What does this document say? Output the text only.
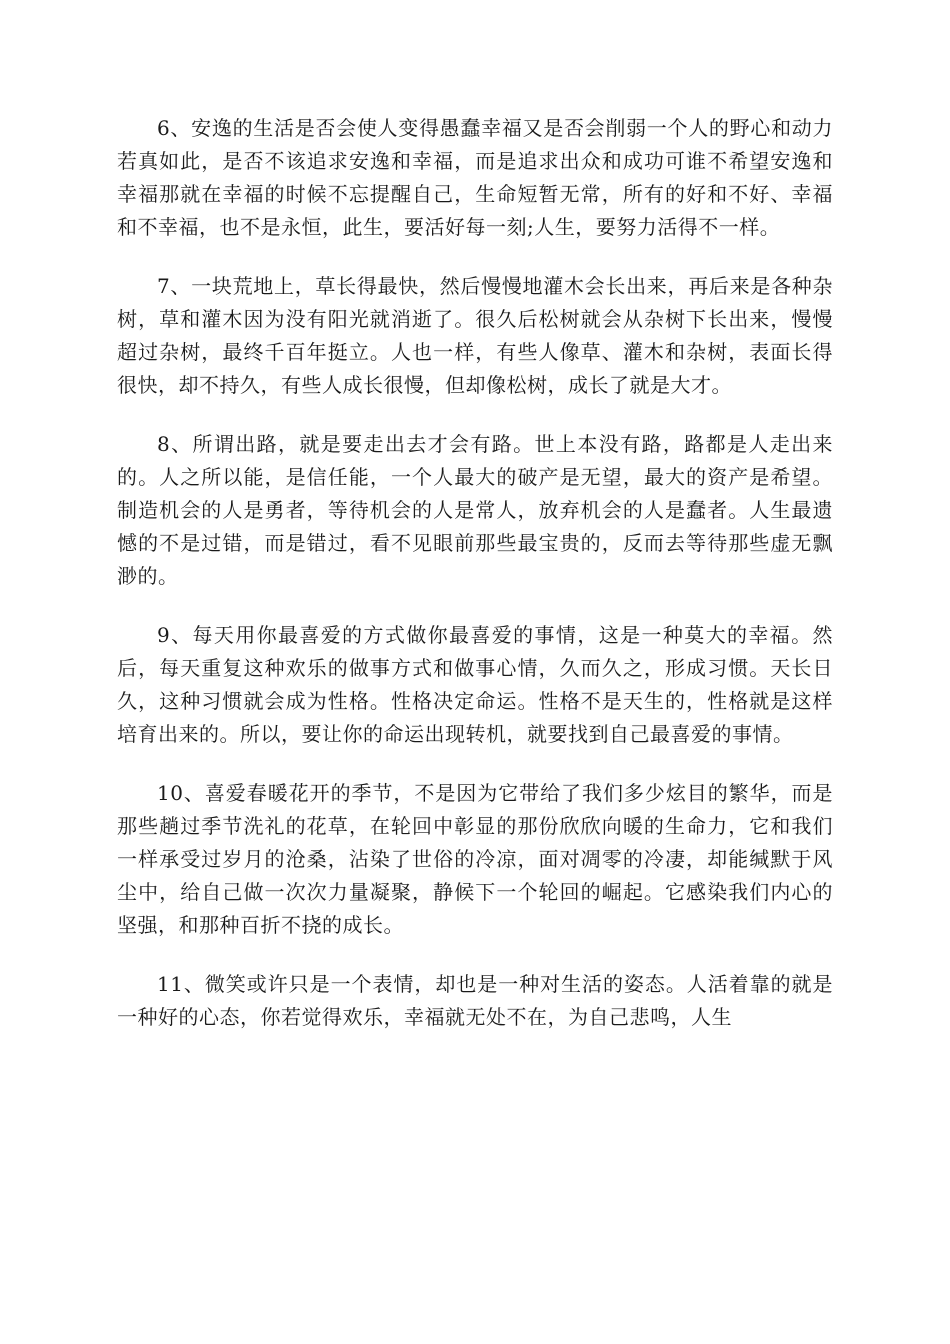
6、安逸的生活是否会使人变得愚蠢幸福又是否会削弱一个人的野心和动力若真如此，是否不该追求安逸和幸福，而是追求出众和成功可谁不希望安逸和幸福那就在幸福的时候不忘提醒自己，生命短暂无常，所有的好和不好、幸福和不幸福，也不是永恒，此生，要活好每一刻;人生，要努力活得不一样。

7、一块荒地上，草长得最快，然后慢慢地灌木会长出来，再后来是各种杂树，草和灌木因为没有阳光就消逝了。很久后松树就会从杂树下长出来，慢慢超过杂树，最终千百年挺立。人也一样，有些人像草、灌木和杂树，表面长得很快，却不持久，有些人成长很慢，但却像松树，成长了就是大才。

8、所谓出路，就是要走出去才会有路。世上本没有路，路都是人走出来的。人之所以能，是信任能，一个人最大的破产是无望，最大的资产是希望。制造机会的人是勇者，等待机会的人是常人，放弃机会的人是蠢者。人生最遗憾的不是过错，而是错过，看不见眼前那些最宝贵的，反而去等待那些虚无飘渺的。

9、每天用你最喜爱的方式做你最喜爱的事情，这是一种莫大的幸福。然后，每天重复这种欢乐的做事方式和做事心情，久而久之，形成习惯。天长日久，这种习惯就会成为性格。性格决定命运。性格不是天生的，性格就是这样培育出来的。所以，要让你的命运出现转机，就要找到自己最喜爱的事情。

10、喜爱春暖花开的季节，不是因为它带给了我们多少炫目的繁华，而是那些趟过季节洗礼的花草，在轮回中彰显的那份欣欣向暖的生命力，它和我们一样承受过岁月的沧桑，沾染了世俗的冷凉，面对凋零的冷凄，却能缄默于风尘中，给自己做一次次力量凝聚，静候下一个轮回的崛起。它感染我们内心的坚强，和那种百折不挠的成长。

11、微笑或许只是一个表情，却也是一种对生活的姿态。人活着靠的就是一种好的心态，你若觉得欢乐，幸福就无处不在，为自己悲鸣，人生
